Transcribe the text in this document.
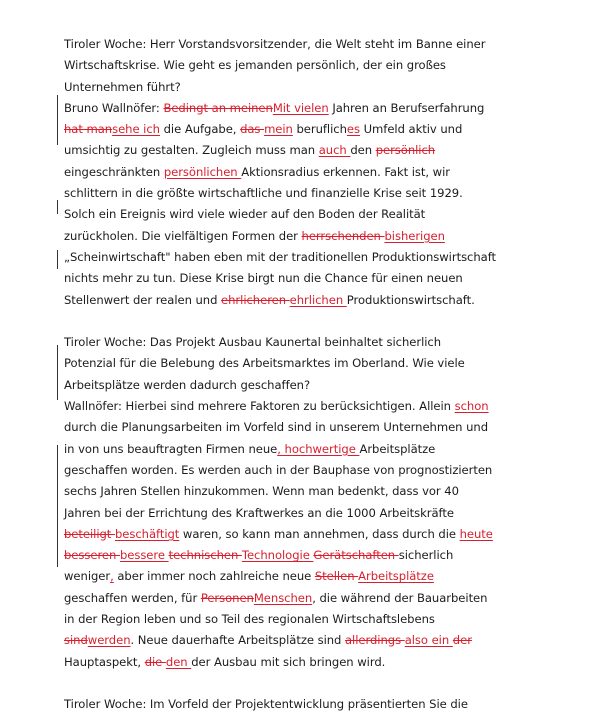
Tiroler Woche: Herr Vorstandsvorsitzender, die Welt steht im Banne einer
Wirtschaftskrise. Wie geht es jemanden persönlich, der ein großes
Unternehmen führt?
Bruno Wallnöfer: Bedingt an meinenMit vielen Jahren an Berufserfahrung
hat mansehe ich die Aufgabe, das mein berufliches Umfeld aktiv und
umsichtig zu gestalten. Zugleich muss man auch den persönlich
eingeschränkten persönlichen Aktionsradius erkennen. Fakt ist, wir
schlittern in die größte wirtschaftliche und finanzielle Krise seit 1929.
Solch ein Ereignis wird viele wieder auf den Boden der Realität
zurückholen. Die vielfältigen Formen der herrschenden bisherigen
„Scheinwirtschaft" haben eben mit der traditionellen Produktionswirtschaft
nichts mehr zu tun. Diese Krise birgt nun die Chance für einen neuen
Stellenwert der realen und ehrlicheren ehrlichen Produktionswirtschaft.
Tiroler Woche: Das Projekt Ausbau Kaunertal beinhaltet sicherlich
Potenzial für die Belebung des Arbeitsmarktes im Oberland. Wie viele
Arbeitsplätze werden dadurch geschaffen?
Wallnöfer: Hierbei sind mehrere Faktoren zu berücksichtigen. Allein schon
durch die Planungsarbeiten im Vorfeld sind in unserem Unternehmen und
in von uns beauftragten Firmen neue, hochwertige Arbeitsplätze
geschaffen worden. Es werden auch in der Bauphase von prognostizierten
sechs Jahren Stellen hinzukommen. Wenn man bedenkt, dass vor 40
Jahren bei der Errichtung des Kraftwerkes an die 1000 Arbeitskräfte
beteiligt beschäftigt waren, so kann man annehmen, dass durch die heute
besseren bessere technischen Technologie Gerätschaften sicherlich
weniger, aber immer noch zahlreiche neue Stellen Arbeitsplätze
geschaffen werden, für PersonenMenschen, die während der Bauarbeiten
in der Region leben und so Teil des regionalen Wirtschaftslebens
sindwerden. Neue dauerhafte Arbeitsplätze sind allerdings also ein der
Hauptaspekt, die den der Ausbau mit sich bringen wird.
Tiroler Woche: Im Vorfeld der Projektentwicklung präsentierten Sie die
